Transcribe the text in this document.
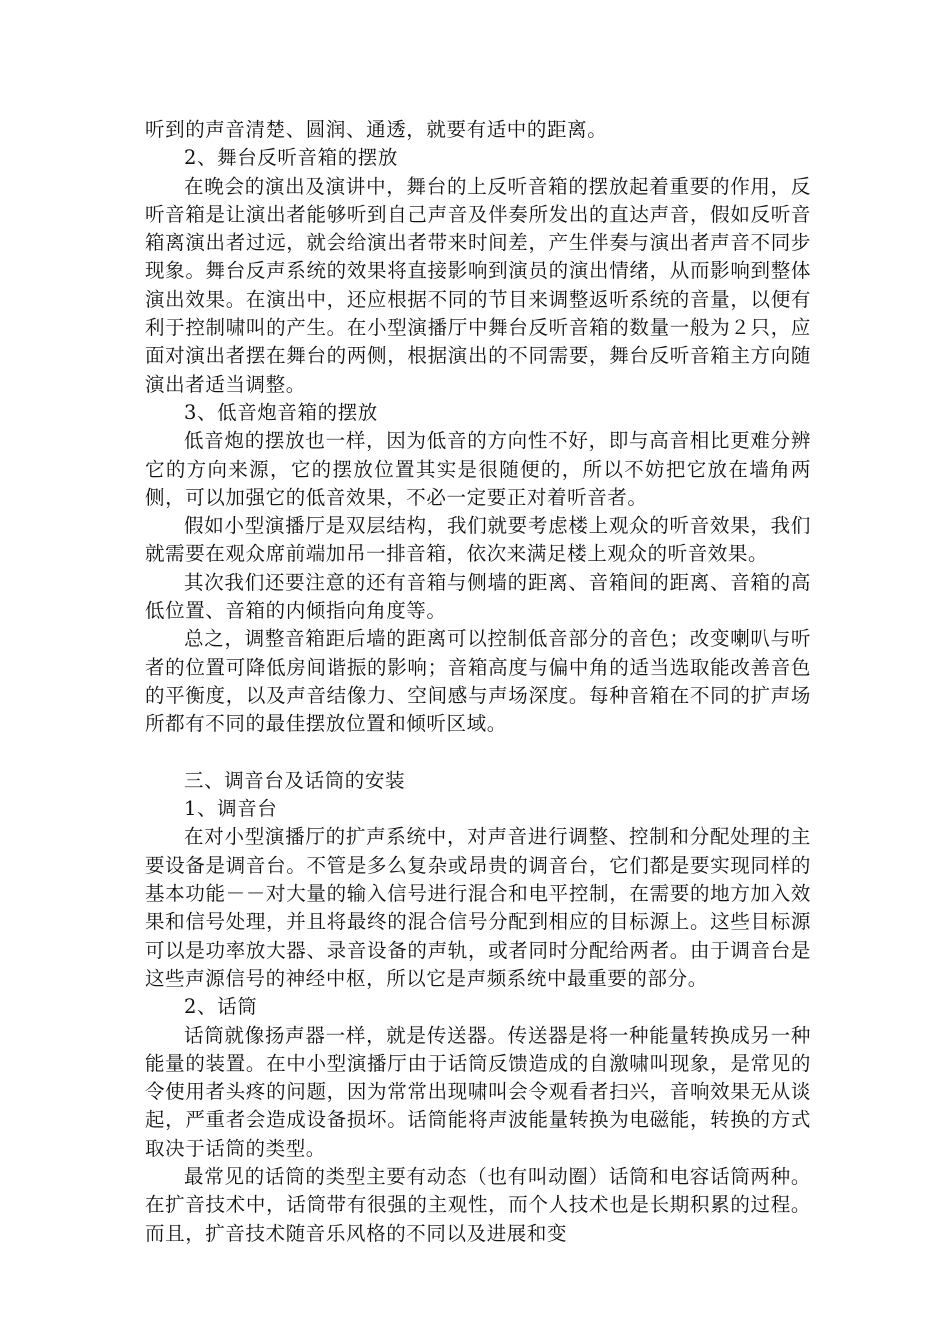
听到的声音清楚、圆润、通透，就要有适中的距离。

2、舞台反听音箱的摆放

在晚会的演出及演讲中，舞台的上反听音箱的摆放起着重要的作用，反听音箱是让演出者能够听到自己声音及伴奏所发出的直达声音，假如反听音箱离演出者过远，就会给演出者带来时间差，产生伴奏与演出者声音不同步现象。舞台反声系统的效果将直接影响到演员的演出情绪，从而影响到整体演出效果。在演出中，还应根据不同的节目来调整返听系统的音量，以便有利于控制啸叫的产生。在小型演播厅中舞台反听音箱的数量一般为２只，应面对演出者摆在舞台的两侧，根据演出的不同需要，舞台反听音箱主方向随演出者适当调整。

3、低音炮音箱的摆放

低音炮的摆放也一样，因为低音的方向性不好，即与高音相比更难分辨它的方向来源，它的摆放位置其实是很随便的，所以不妨把它放在墙角两侧，可以加强它的低音效果，不必一定要正对着听音者。

假如小型演播厅是双层结构，我们就要考虑楼上观众的听音效果，我们就需要在观众席前端加吊一排音箱，依次来满足楼上观众的听音效果。

其次我们还要注意的还有音箱与侧墙的距离、音箱间的距离、音箱的高低位置、音箱的内倾指向角度等。

总之，调整音箱距后墙的距离可以控制低音部分的音色；改变喇叭与听者的位置可降低房间谐振的影响；音箱高度与偏中角的适当选取能改善音色的平衡度，以及声音结像力、空间感与声场深度。每种音箱在不同的扩声场所都有不同的最佳摆放位置和倾听区域。

三、调音台及话筒的安装

1、调音台

在对小型演播厅的扩声系统中，对声音进行调整、控制和分配处理的主要设备是调音台。不管是多么复杂或昂贵的调音台，它们都是要实现同样的基本功能－－对大量的输入信号进行混合和电平控制，在需要的地方加入效果和信号处理，并且将最终的混合信号分配到相应的目标源上。这些目标源可以是功率放大器、录音设备的声轨，或者同时分配给两者。由于调音台是这些声源信号的神经中枢，所以它是声频系统中最重要的部分。

2、话筒

话筒就像扬声器一样，就是传送器。传送器是将一种能量转换成另一种能量的装置。在中小型演播厅由于话筒反馈造成的自激啸叫现象，是常见的令使用者头疼的问题，因为常常出现啸叫会令观看者扫兴，音响效果无从谈起，严重者会造成设备损坏。话筒能将声波能量转换为电磁能，转换的方式取决于话筒的类型。

最常见的话筒的类型主要有动态（也有叫动圈）话筒和电容话筒两种。在扩音技术中，话筒带有很强的主观性，而个人技术也是长期积累的过程。而且，扩音技术随音乐风格的不同以及进展和变
